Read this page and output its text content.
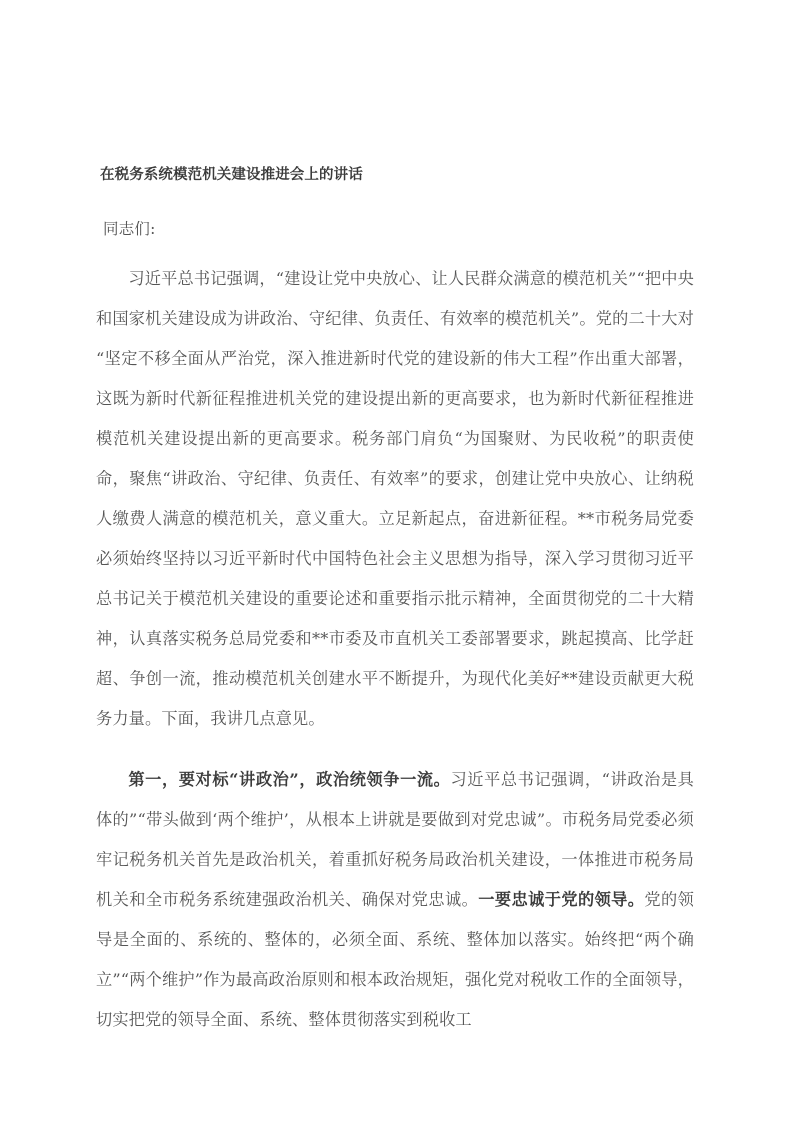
在税务系统模范机关建设推进会上的讲话
同志们:

习近平总书记强调，“建设让党中央放心、让人民群众满意的模范机关”“把中央和国家机关建设成为讲政治、守纪律、负责任、有效率的模范机关”。党的二十大对“坚定不移全面从严治党，深入推进新时代党的建设新的伟大工程”作出重大部署，这既为新时代新征程推进机关党的建设提出新的更高要求，也为新时代新征程推进模范机关建设提出新的更高要求。税务部门肩负“为国聚财、为民收税”的职责使命，聚焦“讲政治、守纪律、负责任、有效率”的要求，创建让党中央放心、让纳税人缴费人满意的模范机关，意义重大。立足新起点，奋进新征程。**市税务局党委必须始终坚持以习近平新时代中国特色社会主义思想为指导，深入学习贯彻习近平总书记关于模范机关建设的重要论述和重要指示批示精神，全面贯彻党的二十大精神，认真落实税务总局党委和**市委及市直机关工委部署要求，跳起摸高、比学赶超、争创一流，推动模范机关创建水平不断提升，为现代化美好**建设贡献更大税务力量。下面，我讲几点意见。

第一，要对标“讲政治”，政治统领争一流。习近平总书记强调，“讲政治是具体的”“带头做到‘两个维护’，从根本上讲就是要做到对党忠诚”。市税务局党委必须牢记税务机关首先是政治机关，着重抓好税务局政治机关建设，一体推进市税务局机关和全市税务系统建强政治机关、确保对党忠诚。一要忠诚于党的领导。党的领导是全面的、系统的、整体的，必须全面、系统、整体加以落实。始终把“两个确立”“两个维护”作为最高政治原则和根本政治规矩，强化党对税收工作的全面领导，切实把党的领导全面、系统、整体贯彻落实到税收工
